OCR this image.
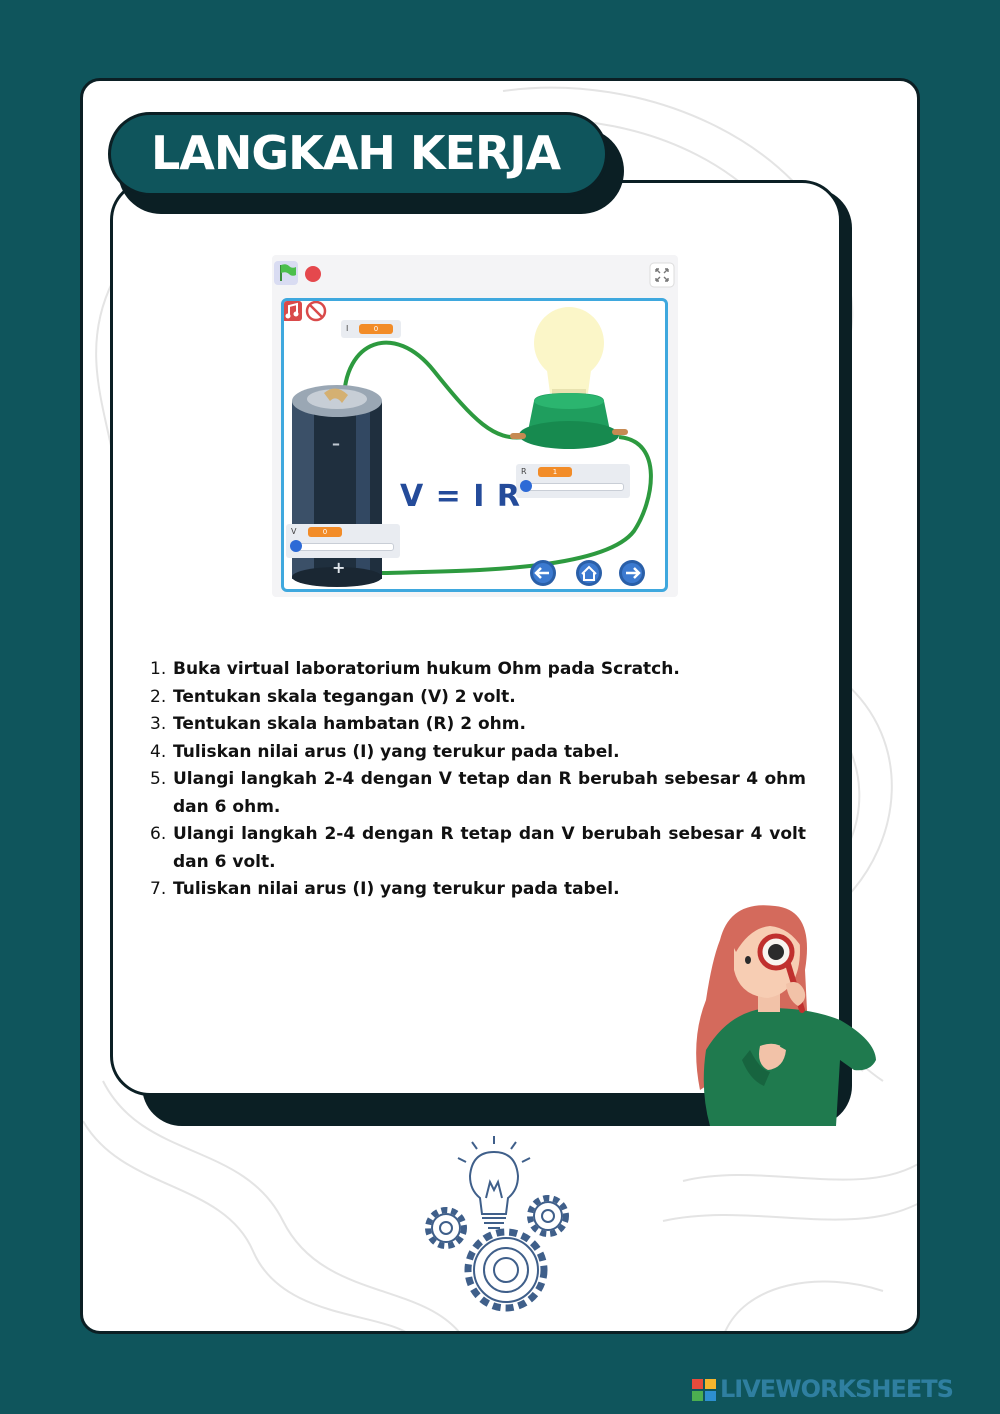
LANGKAH KERJA
–
+
I	0
R	1
V	0

V = I R

1. Buka virtual laboratorium hukum Ohm pada Scratch.
2. Tentukan skala tegangan (V) 2 volt.
3. Tentukan skala hambatan (R) 2 ohm.
4. Tuliskan nilai arus (I) yang terukur pada tabel.
5. Ulangi langkah 2-4 dengan V tetap dan R berubah sebesar 4 ohm dan 6 ohm.
6. Ulangi langkah 2-4 dengan R tetap dan V berubah sebesar 4 volt dan 6 volt.
7. Tuliskan nilai arus (I) yang terukur pada tabel.
LIVEWORKSHEETS
